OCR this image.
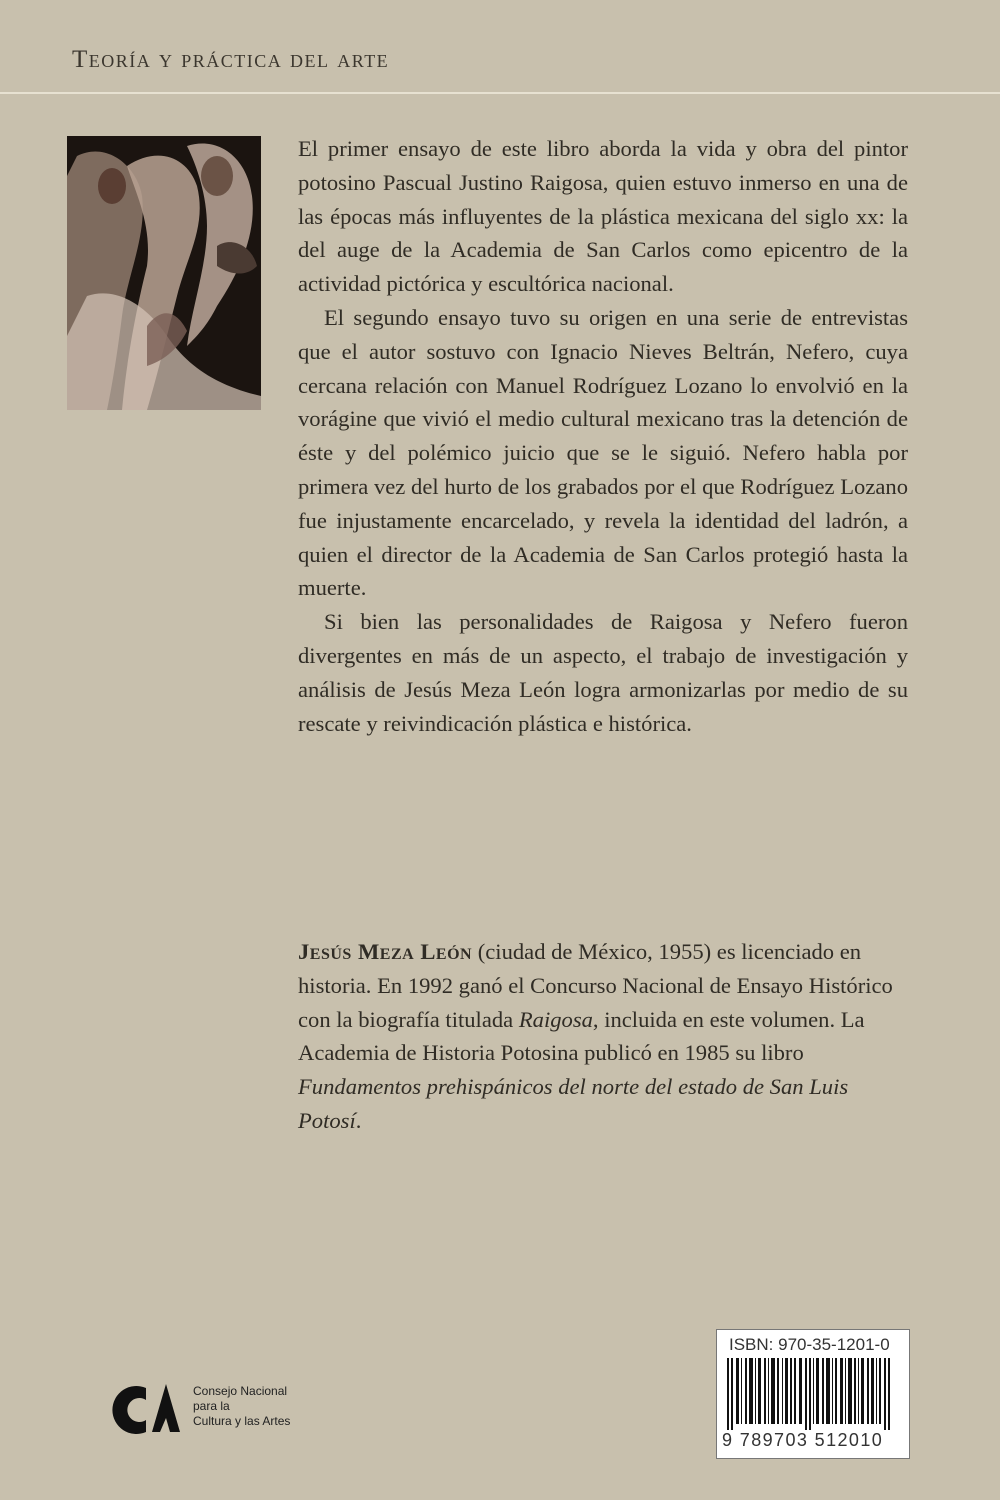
Teoría y práctica del arte

El primer ensayo de este libro aborda la vida y obra del pintor potosino Pascual Justino Raigosa, quien estuvo inmerso en una de las épocas más influyentes de la plástica mexicana del siglo xx: la del auge de la Academia de San Carlos como epicentro de la actividad pictórica y escultórica nacional.

El segundo ensayo tuvo su origen en una serie de entrevistas que el autor sostuvo con Ignacio Nieves Beltrán, Nefero, cuya cercana relación con Manuel Rodríguez Lozano lo envolvió en la vorágine que vivió el medio cultural mexicano tras la detención de éste y del polémico juicio que se le siguió. Nefero habla por primera vez del hurto de los grabados por el que Rodríguez Lozano fue injustamente encarcelado, y revela la identidad del ladrón, a quien el director de la Academia de San Carlos protegió hasta la muerte.

Si bien las personalidades de Raigosa y Nefero fueron divergentes en más de un aspecto, el trabajo de investigación y análisis de Jesús Meza León logra armonizarlas por medio de su rescate y reivindicación plástica e histórica.

Jesús Meza León (ciudad de México, 1955) es licenciado en historia. En 1992 ganó el Concurso Nacional de Ensayo Histórico con la biografía titulada Raigosa, incluida en este volumen. La Academia de Historia Potosina publicó en 1985 su libro Fundamentos prehispánicos del norte del estado de San Luis Potosí.
Consejo Nacional
para la
Cultura y las Artes
ISBN: 970-35-1201-0
9 789703 512010
